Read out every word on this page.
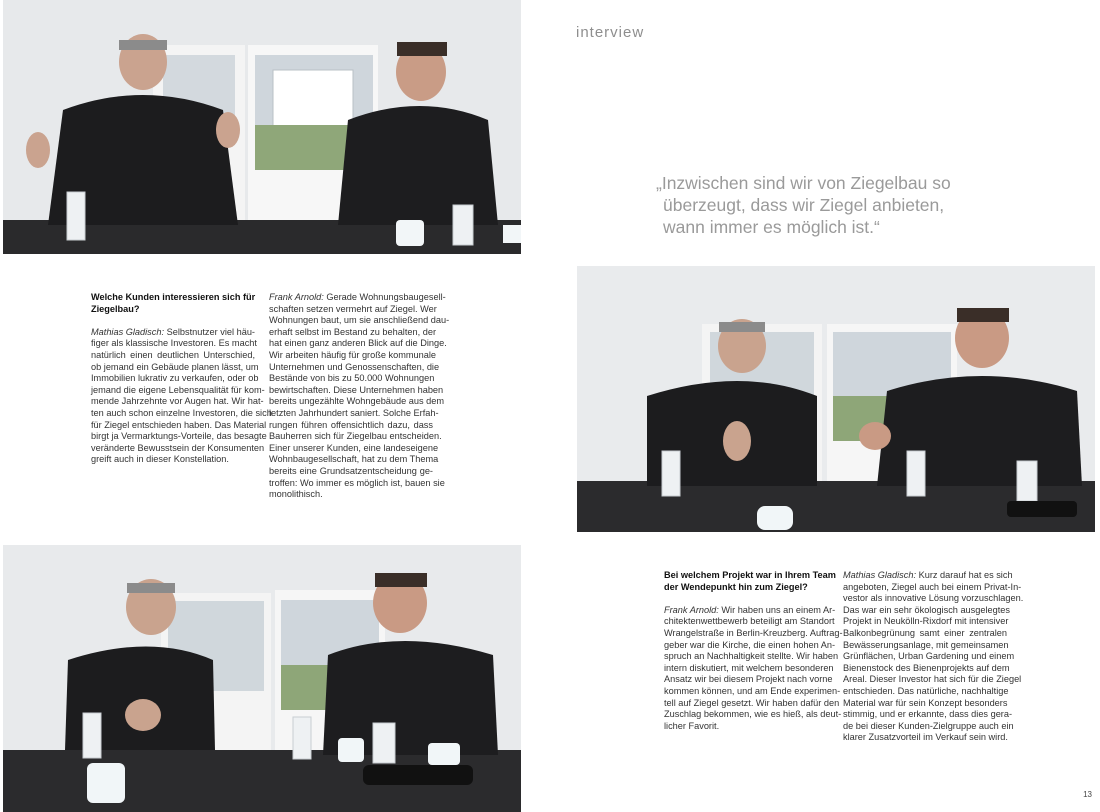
interview
„Inzwischen sind wir von Ziegelbau so
überzeugt, dass wir Ziegel anbieten,
wann immer es möglich ist.“
Welche Kunden interessieren sich für
Ziegelbau?
Mathias Gladisch: Selbstnutzer viel häu-
figer als klassische Investoren. Es macht
natürlich einen deutlichen Unterschied,
ob jemand ein Gebäude planen lässt, um
Immobilien lukrativ zu verkaufen, oder ob
jemand die eigene Lebensqualität für kom-
mende Jahrzehnte vor Augen hat. Wir hat-
ten auch schon einzelne Investoren, die sich
für Ziegel entschieden haben. Das Material
birgt ja Vermarktungs-Vorteile, das besagte
veränderte Bewusstsein der Konsumenten
greift auch in dieser Konstellation.
Frank Arnold: Gerade Wohnungsbaugesell-
schaften setzen vermehrt auf Ziegel. Wer
Wohnungen baut, um sie anschließend dau-
erhaft selbst im Bestand zu behalten, der
hat einen ganz anderen Blick auf die Dinge.
Wir arbeiten häufig für große kommunale
Unternehmen und Genossenschaften, die
Bestände von bis zu 50.000 Wohnungen
bewirtschaften. Diese Unternehmen haben
bereits ungezählte Wohngebäude aus dem
letzten Jahrhundert saniert. Solche Erfah-
rungen führen offensichtlich dazu, dass
Bauherren sich für Ziegelbau entscheiden.
Einer unserer Kunden, eine landeseigene
Wohnbaugesellschaft, hat zu dem Thema
bereits eine Grundsatzentscheidung ge-
troffen: Wo immer es möglich ist, bauen sie
monolithisch.
Bei welchem Projekt war in Ihrem Team
der Wendepunkt hin zum Ziegel?
Frank Arnold: Wir haben uns an einem Ar-
chitektenwettbewerb beteiligt am Standort
Wrangelstraße in Berlin-Kreuzberg. Auftrag-
geber war die Kirche, die einen hohen An-
spruch an Nachhaltigkeit stellte. Wir haben
intern diskutiert, mit welchem besonderen
Ansatz wir bei diesem Projekt nach vorne
kommen können, und am Ende experimen-
tell auf Ziegel gesetzt. Wir haben dafür den
Zuschlag bekommen, wie es hieß, als deut-
licher Favorit.
Mathias Gladisch: Kurz darauf hat es sich
angeboten, Ziegel auch bei einem Privat-In-
vestor als innovative Lösung vorzuschlagen.
Das war ein sehr ökologisch ausgelegtes
Projekt in Neukölln-Rixdorf mit intensiver
Balkonbegrünung samt einer zentralen
Bewässerungsanlage, mit gemeinsamen
Grünflächen, Urban Gardening und einem
Bienenstock des Bienenprojekts auf dem
Areal. Dieser Investor hat sich für die Ziegel
entschieden. Das natürliche, nachhaltige
Material war für sein Konzept besonders
stimmig, und er erkannte, dass dies gera-
de bei dieser Kunden-Zielgruppe auch ein
klarer Zusatzvorteil im Verkauf sein wird.
13
